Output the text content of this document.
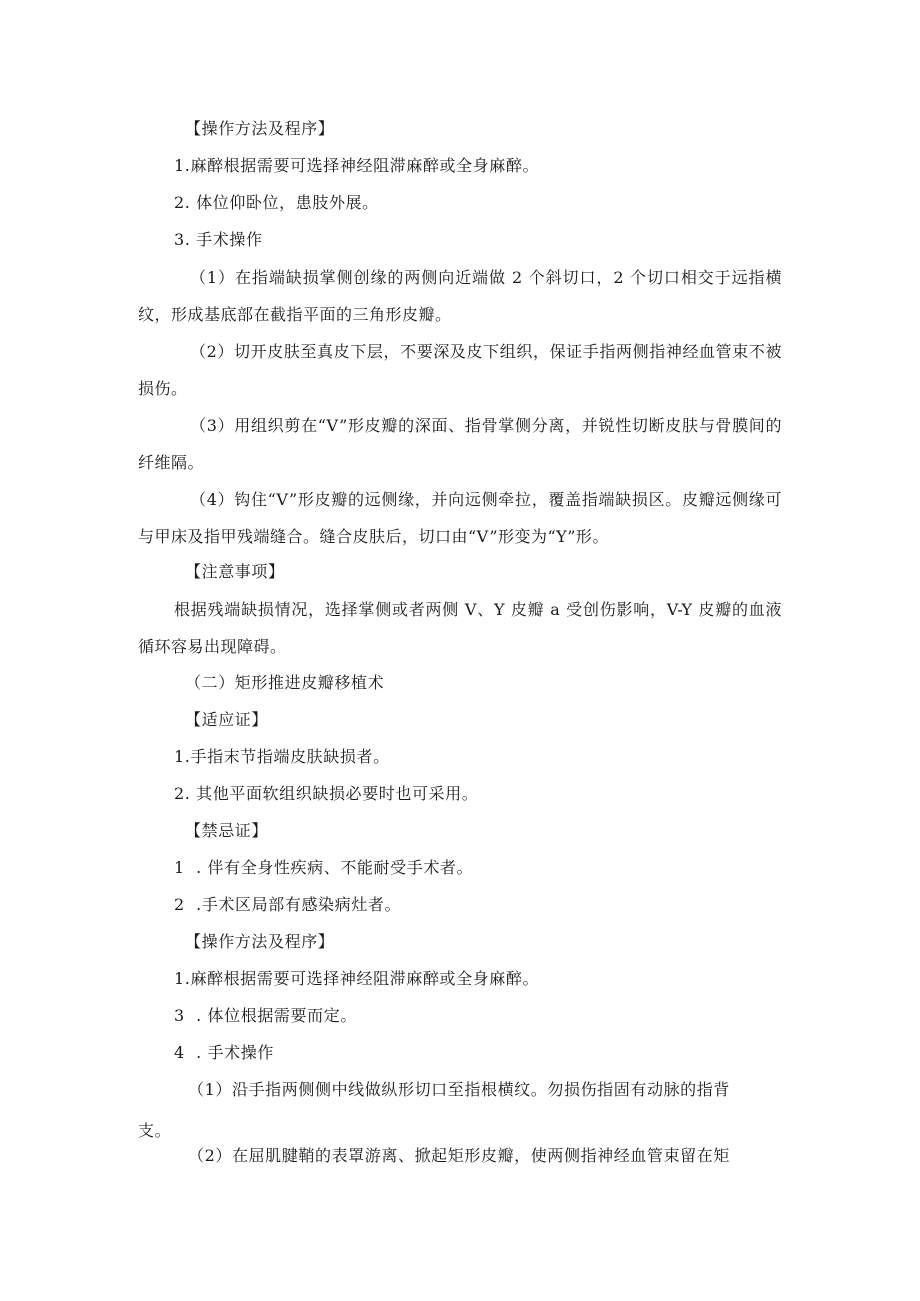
【操作方法及程序】
1.麻醉根据需要可选择神经阻滞麻醉或全身麻醉。
2. 体位仰卧位，患肢外展。
3. 手术操作
（1）在指端缺损掌侧创缘的两侧向近端做 2 个斜切口，2 个切口相交于远指横纹，形成基底部在截指平面的三角形皮瓣。
（2）切开皮肤至真皮下层，不要深及皮下组织，保证手指两侧指神经血管束不被损伤。
（3）用组织剪在“V”形皮瓣的深面、指骨掌侧分离，并锐性切断皮肤与骨膜间的纤维隔。
（4）钩住“V”形皮瓣的远侧缘，并向远侧牵拉，覆盖指端缺损区。皮瓣远侧缘可与甲床及指甲残端缝合。缝合皮肤后，切口由“V”形变为“Y”形。
【注意事项】
根据残端缺损情况，选择掌侧或者两侧 V、Y 皮瓣 a 受创伤影响，V-Y 皮瓣的血液循环容易出现障碍。
（二）矩形推进皮瓣移植术
【适应证】
1.手指末节指端皮肤缺损者。
2. 其他平面软组织缺损必要时也可采用。
【禁忌证】
1  . 伴有全身性疾病、不能耐受手术者。
2  .手术区局部有感染病灶者。
【操作方法及程序】
1.麻醉根据需要可选择神经阻滞麻醉或全身麻醉。
3  . 体位根据需要而定。
4  . 手术操作
（1）沿手指两侧侧中线做纵形切口至指根横纹。勿损伤指固有动脉的指背
支。
（2）在屈肌腱鞘的表罩游离、掀起矩形皮瓣，使两侧指神经血管束留在矩
